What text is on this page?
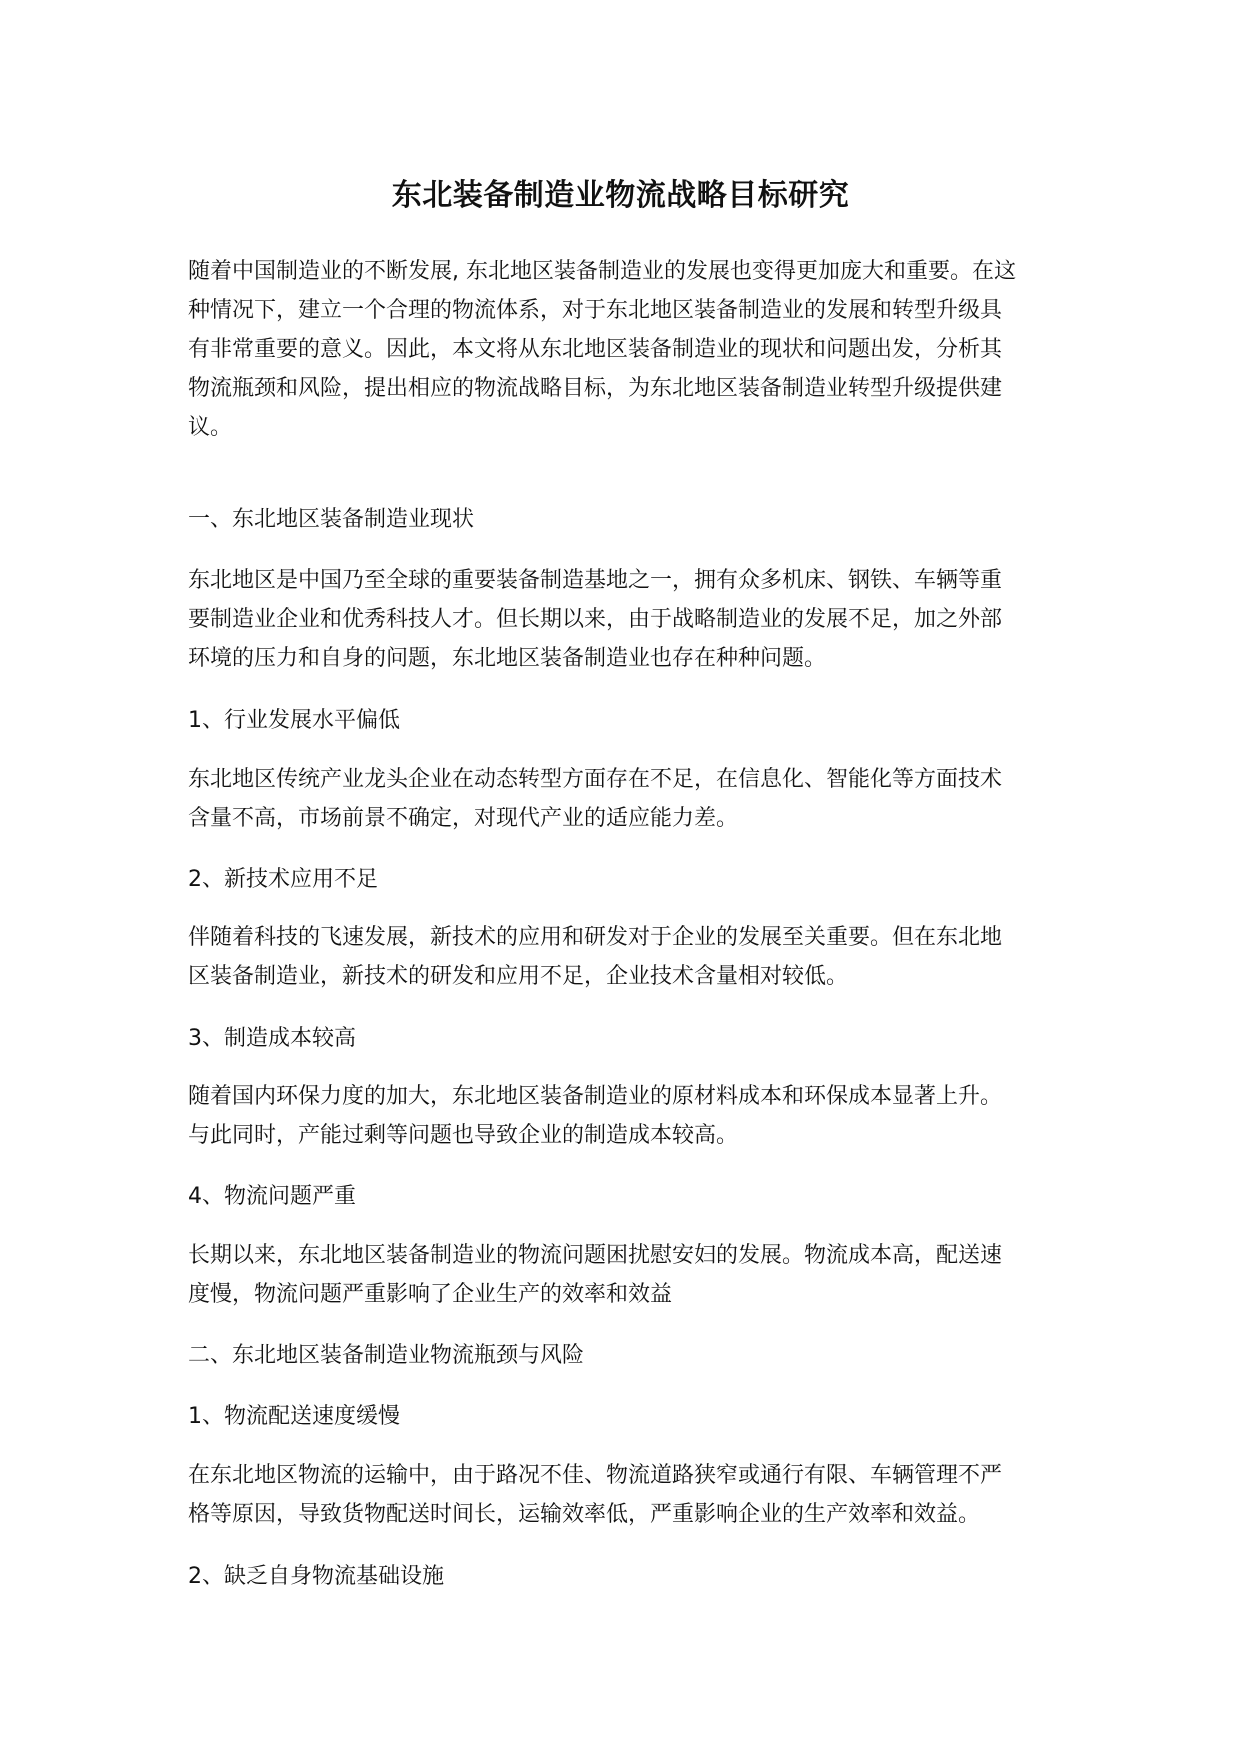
东北装备制造业物流战略目标研究

随着中国制造业的不断发展, 东北地区装备制造业的发展也变得更加庞大和重要。在这
种情况下，建立一个合理的物流体系，对于东北地区装备制造业的发展和转型升级具
有非常重要的意义。因此，本文将从东北地区装备制造业的现状和问题出发，分析其
物流瓶颈和风险，提出相应的物流战略目标，为东北地区装备制造业转型升级提供建
议。

一、东北地区装备制造业现状

东北地区是中国乃至全球的重要装备制造基地之一，拥有众多机床、钢铁、车辆等重
要制造业企业和优秀科技人才。但长期以来，由于战略制造业的发展不足，加之外部
环境的压力和自身的问题，东北地区装备制造业也存在种种问题。

1、行业发展水平偏低

东北地区传统产业龙头企业在动态转型方面存在不足，在信息化、智能化等方面技术
含量不高，市场前景不确定，对现代产业的适应能力差。

2、新技术应用不足

伴随着科技的飞速发展，新技术的应用和研发对于企业的发展至关重要。但在东北地
区装备制造业，新技术的研发和应用不足，企业技术含量相对较低。

3、制造成本较高

随着国内环保力度的加大，东北地区装备制造业的原材料成本和环保成本显著上升。
与此同时，产能过剩等问题也导致企业的制造成本较高。

4、物流问题严重

长期以来，东北地区装备制造业的物流问题困扰慰安妇的发展。物流成本高，配送速
度慢，物流问题严重影响了企业生产的效率和效益

二、东北地区装备制造业物流瓶颈与风险

1、物流配送速度缓慢

在东北地区物流的运输中，由于路况不佳、物流道路狭窄或通行有限、车辆管理不严
格等原因，导致货物配送时间长，运输效率低，严重影响企业的生产效率和效益。

2、缺乏自身物流基础设施
